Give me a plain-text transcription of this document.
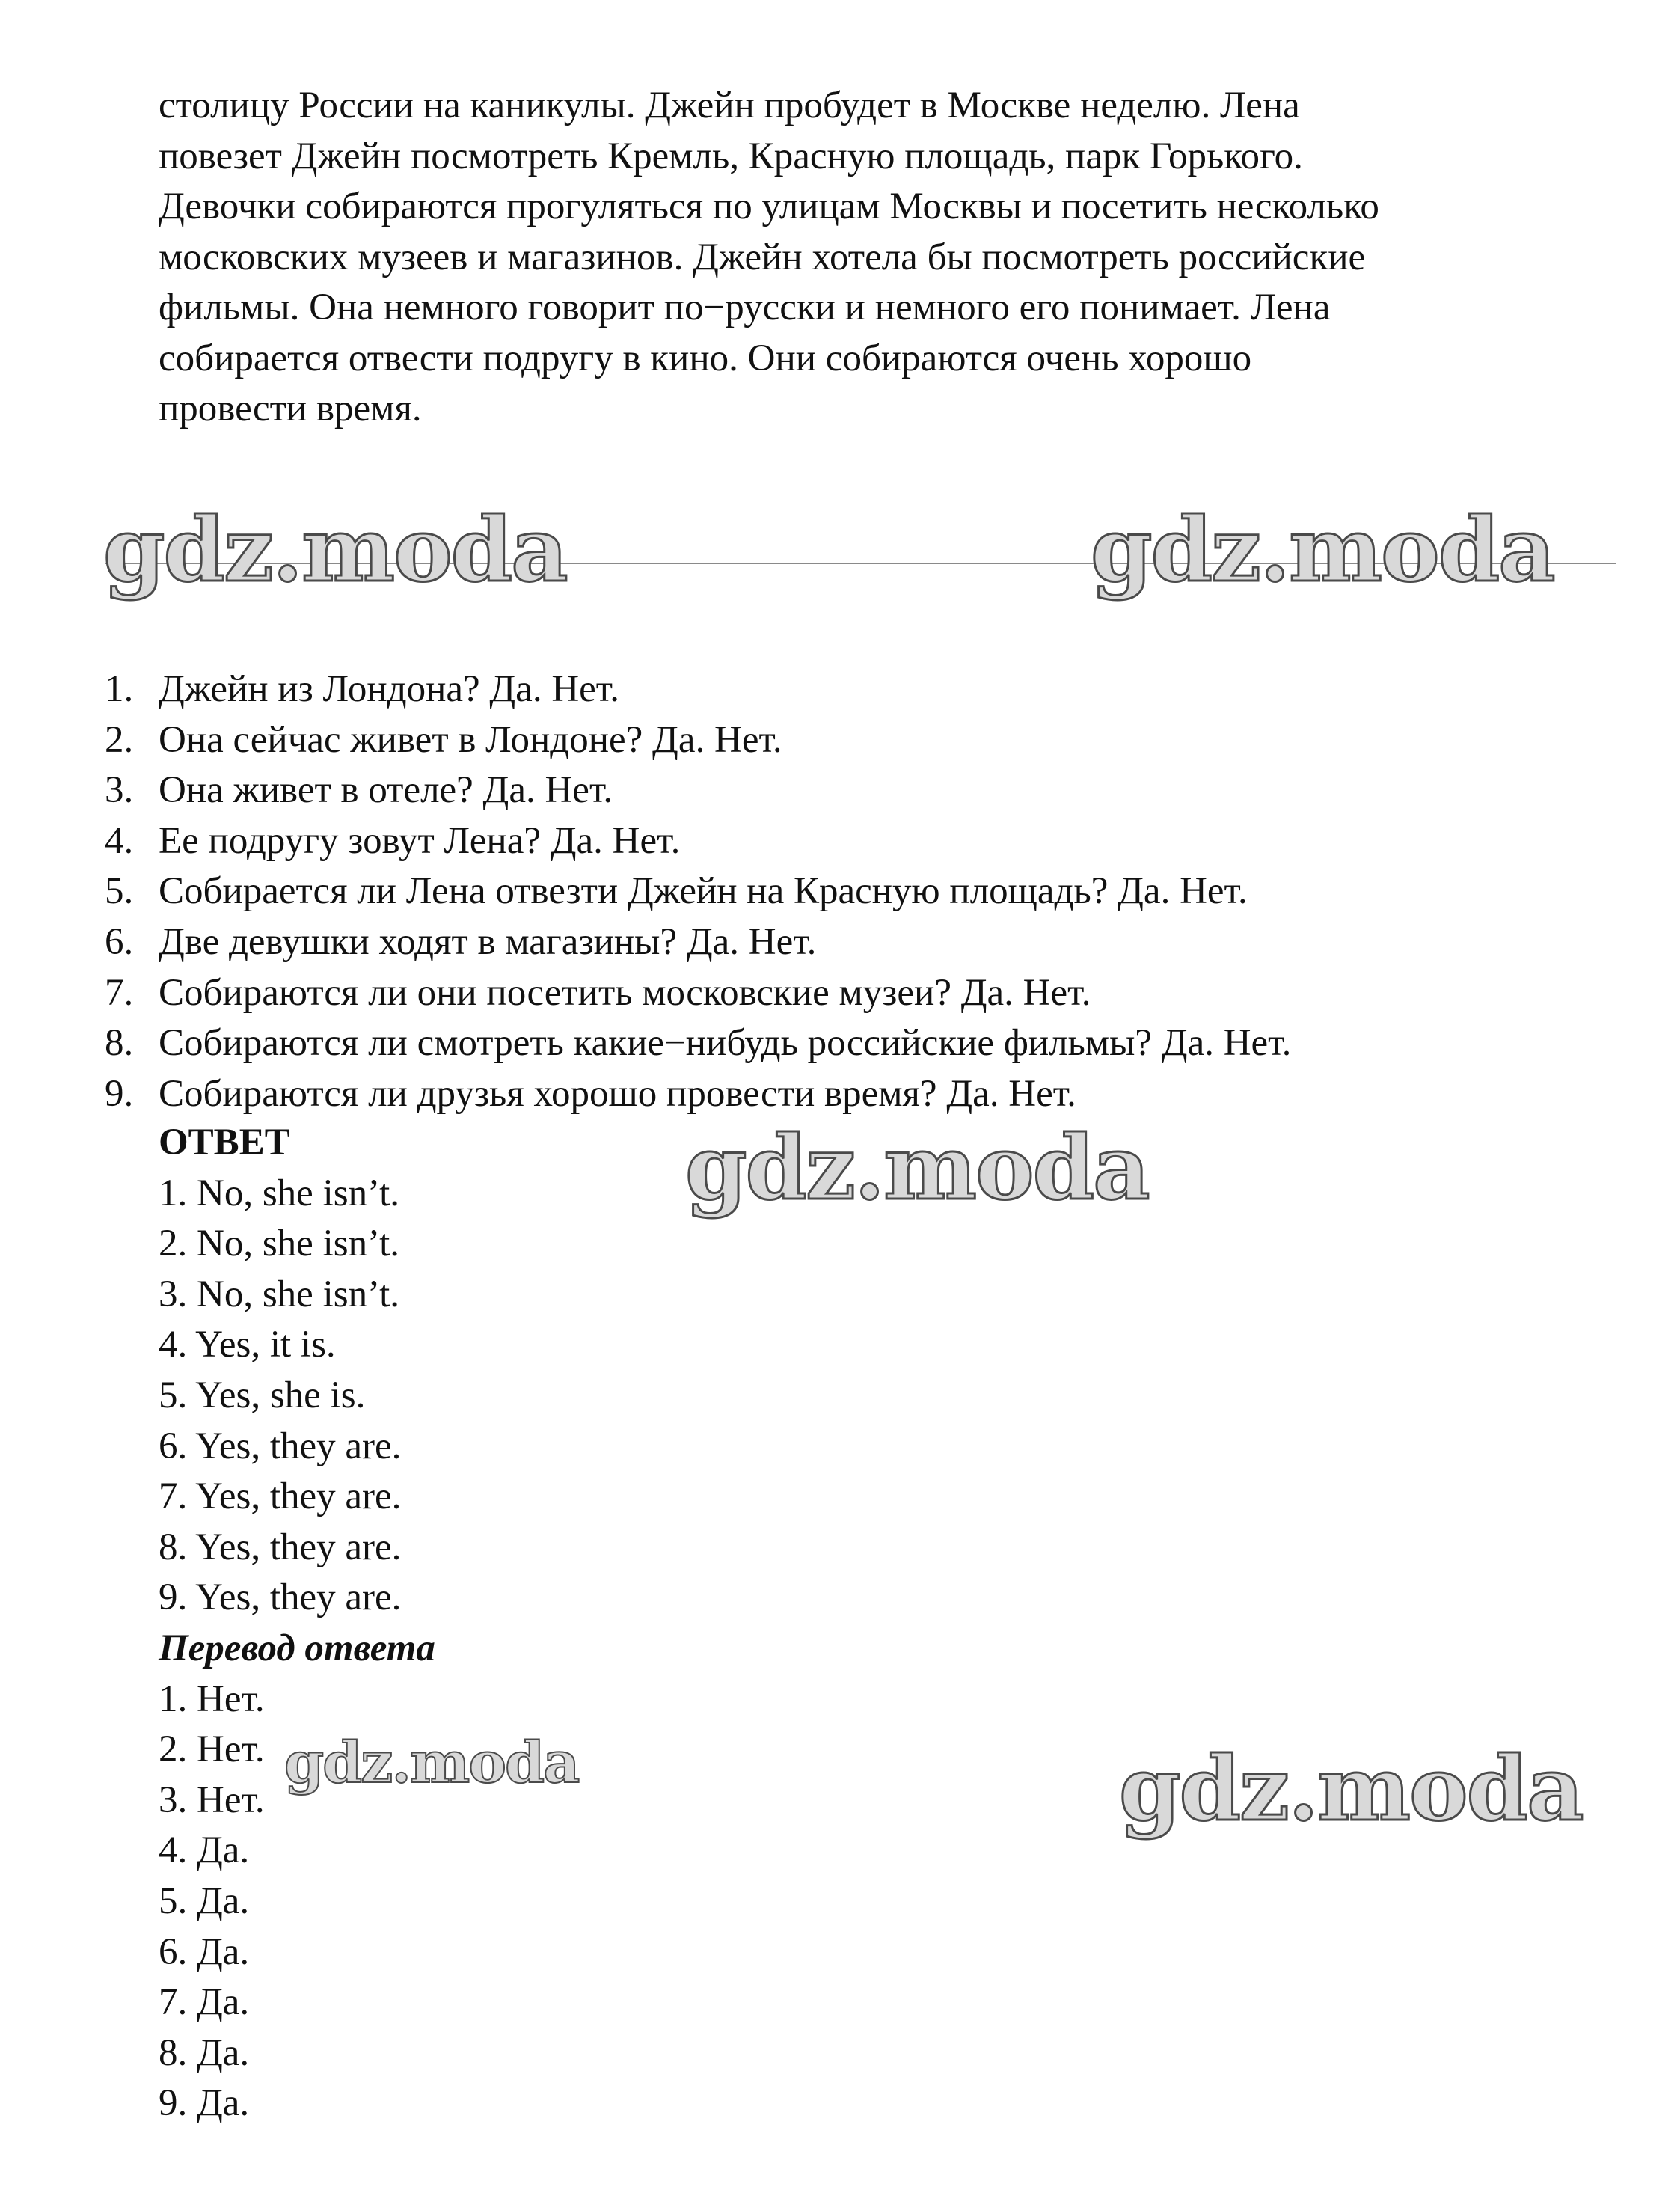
столицу России на каникулы. Джейн пробудет в Москве неделю. Лена

повезет Джейн посмотреть Кремль, Красную площадь, парк Горького.

Девочки собираются прогуляться по улицам Москвы и посетить несколько

московских музеев и магазинов. Джейн хотела бы посмотреть российские

фильмы. Она немного говорит по−русски и немного его понимает. Лена

собирается отвести подругу в кино. Они собираются очень хорошо

провести время.

gdz.moda	gdz.moda
gdz.moda
gdz.moda	gdz.moda
1. Джейн из Лондона? Да. Нет.
2. Она сейчас живет в Лондоне? Да. Нет.
3. Она живет в отеле? Да. Нет.
4. Ее подругу зовут Лена? Да. Нет.
5. Собирается ли Лена отвезти Джейн на Красную площадь? Да. Нет.
6. Две девушки ходят в магазины? Да. Нет.
7. Собираются ли они посетить московские музеи? Да. Нет.
8. Собираются ли смотреть какие−нибудь российские фильмы? Да. Нет.
9. Собираются ли друзья хорошо провести время? Да. Нет.
ОТВЕТ
1. No, she isn’t.
2. No, she isn’t.
3. No, she isn’t.
4. Yes, it is.
5. Yes, she is.
6. Yes, they are.
7. Yes, they are.
8. Yes, they are.
9. Yes, they are.
Перевод ответа
1. Нет.
2. Нет.
3. Нет.
4. Да.
5. Да.
6. Да.
7. Да.
8. Да.
9. Да.
